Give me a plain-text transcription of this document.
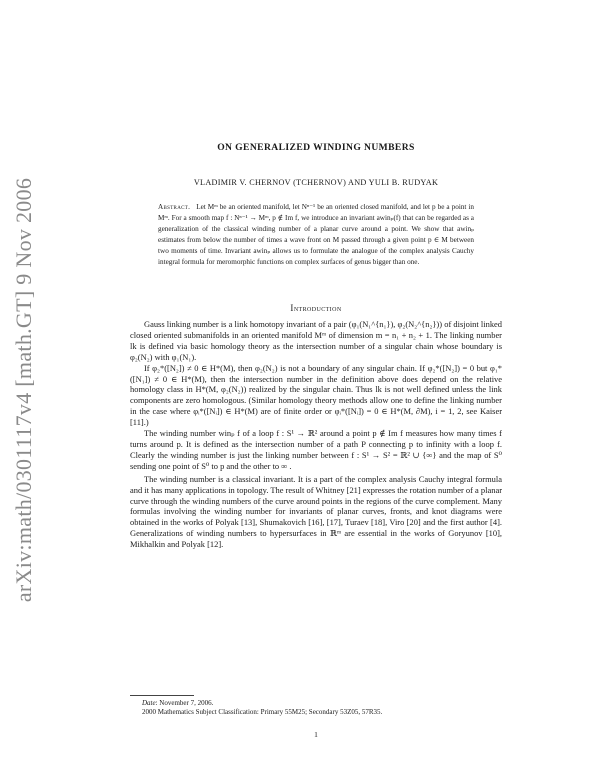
arXiv:math/0301117v4 [math.GT] 9 Nov 2006
ON GENERALIZED WINDING NUMBERS
VLADIMIR V. CHERNOV (TCHERNOV) AND YULI B. RUDYAK
Abstract. Let Mᵐ be an oriented manifold, let Nⁿ⁻¹ be an oriented closed manifold, and let p be a point in Mᵐ. For a smooth map f : Nⁿ⁻¹ → Mᵐ, p ∉ Im f, we introduce an invariant awinₚ(f) that can be regarded as a generalization of the classical winding number of a planar curve around a point. We show that awinₚ estimates from below the number of times a wave front on M passed through a given point p ∈ M between two moments of time. Invariant awinₚ allows us to formulate the analogue of the complex analysis Cauchy integral formula for meromorphic functions on complex surfaces of genus bigger than one.
Introduction

Gauss linking number is a link homotopy invariant of a pair (φ₁(N₁^{n₁}), φ₂(N₂^{n₂})) of disjoint linked closed oriented submanifolds in an oriented manifold Mᵐ of dimension m = n₁ + n₂ + 1. The linking number lk is defined via basic homology theory as the intersection number of a singular chain whose boundary is φ₂(N₂) with φ₁(N₁).

If φ₂*([N₂]) ≠ 0 ∈ H*(M), then φ₂(N₂) is not a boundary of any singular chain. If φ₂*([N₂]) = 0 but φ₁*([N₁]) ≠ 0 ∈ H*(M), then the intersection number in the definition above does depend on the relative homology class in H*(M, φ₂(N₂)) realized by the singular chain. Thus lk is not well defined unless the link components are zero homologous. (Similar homology theory methods allow one to define the linking number in the case where φᵢ*([Nᵢ]) ∈ H*(M) are of finite order or φᵢ*([Nᵢ]) = 0 ∈ H*(M, ∂M), i = 1, 2, see Kaiser [11].)

The winding number winₚ f of a loop f : S¹ → ℝ² around a point p ∉ Im f measures how many times f turns around p. It is defined as the intersection number of a path P connecting p to infinity with a loop f. Clearly the winding number is just the linking number between f : S¹ → S² = ℝ² ∪ {∞} and the map of S⁰ sending one point of S⁰ to p and the other to ∞ .

The winding number is a classical invariant. It is a part of the complex analysis Cauchy integral formula and it has many applications in topology. The result of Whitney [21] expresses the rotation number of a planar curve through the winding numbers of the curve around points in the regions of the curve complement. Many formulas involving the winding number for invariants of planar curves, fronts, and knot diagrams were obtained in the works of Polyak [13], Shumakovich [16], [17], Turaev [18], Viro [20] and the first author [4]. Generalizations of winding numbers to hypersurfaces in ℝᵐ are essential in the works of Goryunov [10], Mikhalkin and Polyak [12].

Date: November 7, 2006.
2000 Mathematics Subject Classification: Primary 55M25; Secondary 53Z05, 57R35.
1
